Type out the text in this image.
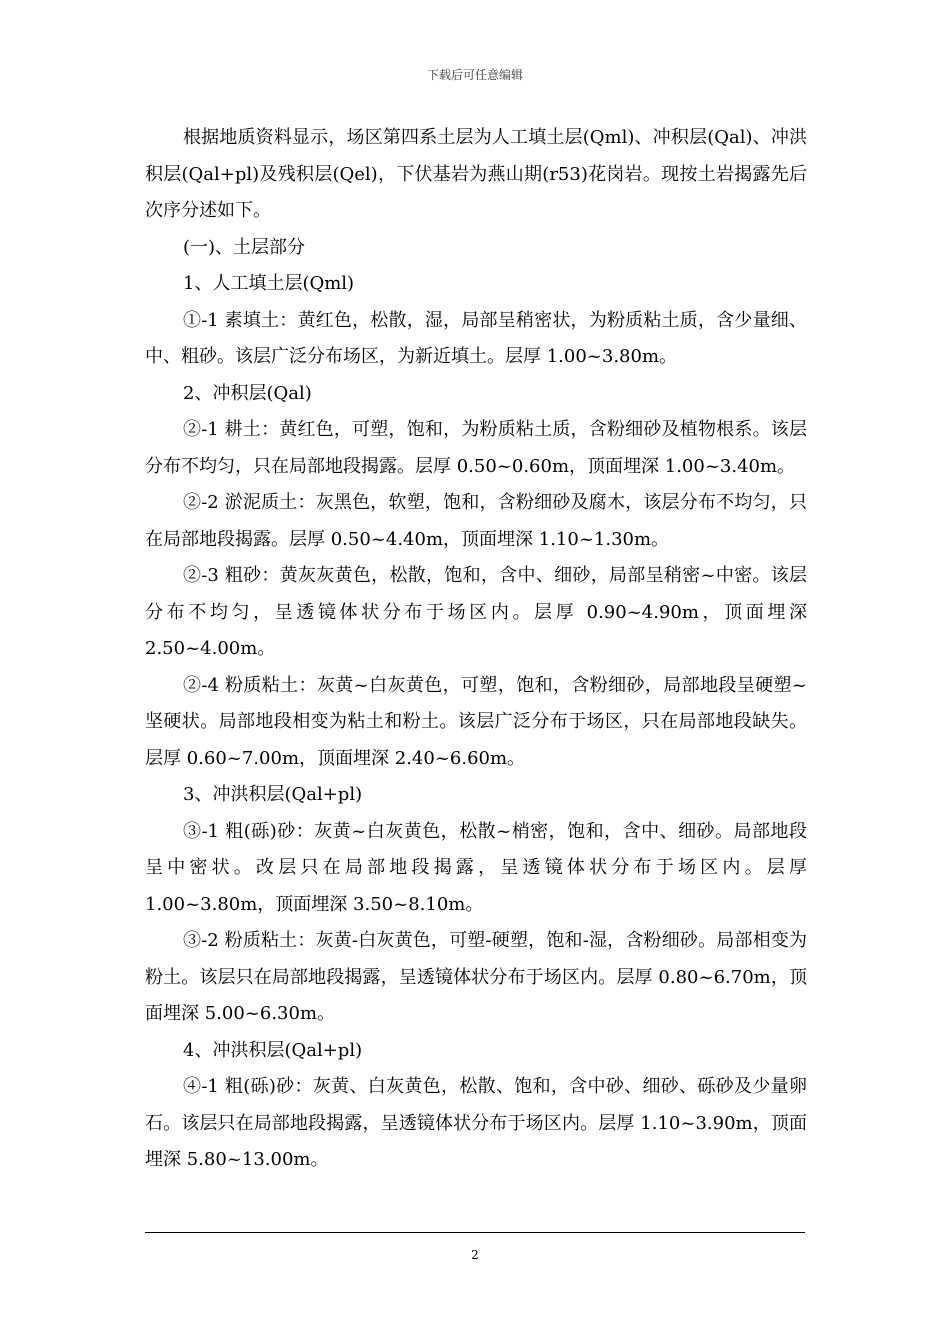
下载后可任意编辑

根据地质资料显示，场区第四系土层为人工填土层(Qml)、冲积层(Qal)、冲洪积层(Qal+pl)及残积层(Qel)，下伏基岩为燕山期(r53)花岗岩。现按土岩揭露先后次序分述如下。

(一)、土层部分

1、人工填土层(Qml)

①-1 素填土：黄红色，松散，湿，局部呈稍密状，为粉质粘土质，含少量细、中、粗砂。该层广泛分布场区，为新近填土。层厚 1.00~3.80m。

2、冲积层(Qal)

②-1 耕土：黄红色，可塑，饱和，为粉质粘土质，含粉细砂及植物根系。该层分布不均匀，只在局部地段揭露。层厚 0.50~0.60m，顶面埋深 1.00~3.40m。

②-2 淤泥质土：灰黑色，软塑，饱和，含粉细砂及腐木，该层分布不均匀，只在局部地段揭露。层厚 0.50~4.40m，顶面埋深 1.10~1.30m。

②-3 粗砂：黄灰灰黄色，松散，饱和，含中、细砂，局部呈稍密~中密。该层分布不均匀，呈透镜体状分布于场区内。层厚 0.90~4.90m，顶面埋深 2.50~4.00m。

②-4 粉质粘土：灰黄~白灰黄色，可塑，饱和，含粉细砂，局部地段呈硬塑~坚硬状。局部地段相变为粘土和粉土。该层广泛分布于场区，只在局部地段缺失。层厚 0.60~7.00m，顶面埋深 2.40~6.60m。

3、冲洪积层(Qal+pl)

③-1 粗(砾)砂：灰黄~白灰黄色，松散~梢密，饱和，含中、细砂。局部地段呈中密状。改层只在局部地段揭露，呈透镜体状分布于场区内。层厚 1.00~3.80m，顶面埋深 3.50~8.10m。

③-2 粉质粘土：灰黄-白灰黄色，可塑-硬塑，饱和-湿，含粉细砂。局部相变为粉土。该层只在局部地段揭露，呈透镜体状分布于场区内。层厚 0.80~6.70m，顶面埋深 5.00~6.30m。

4、冲洪积层(Qal+pl)

④-1 粗(砾)砂：灰黄、白灰黄色，松散、饱和，含中砂、细砂、砾砂及少量卵石。该层只在局部地段揭露，呈透镜体状分布于场区内。层厚 1.10~3.90m，顶面埋深 5.80~13.00m。

2
